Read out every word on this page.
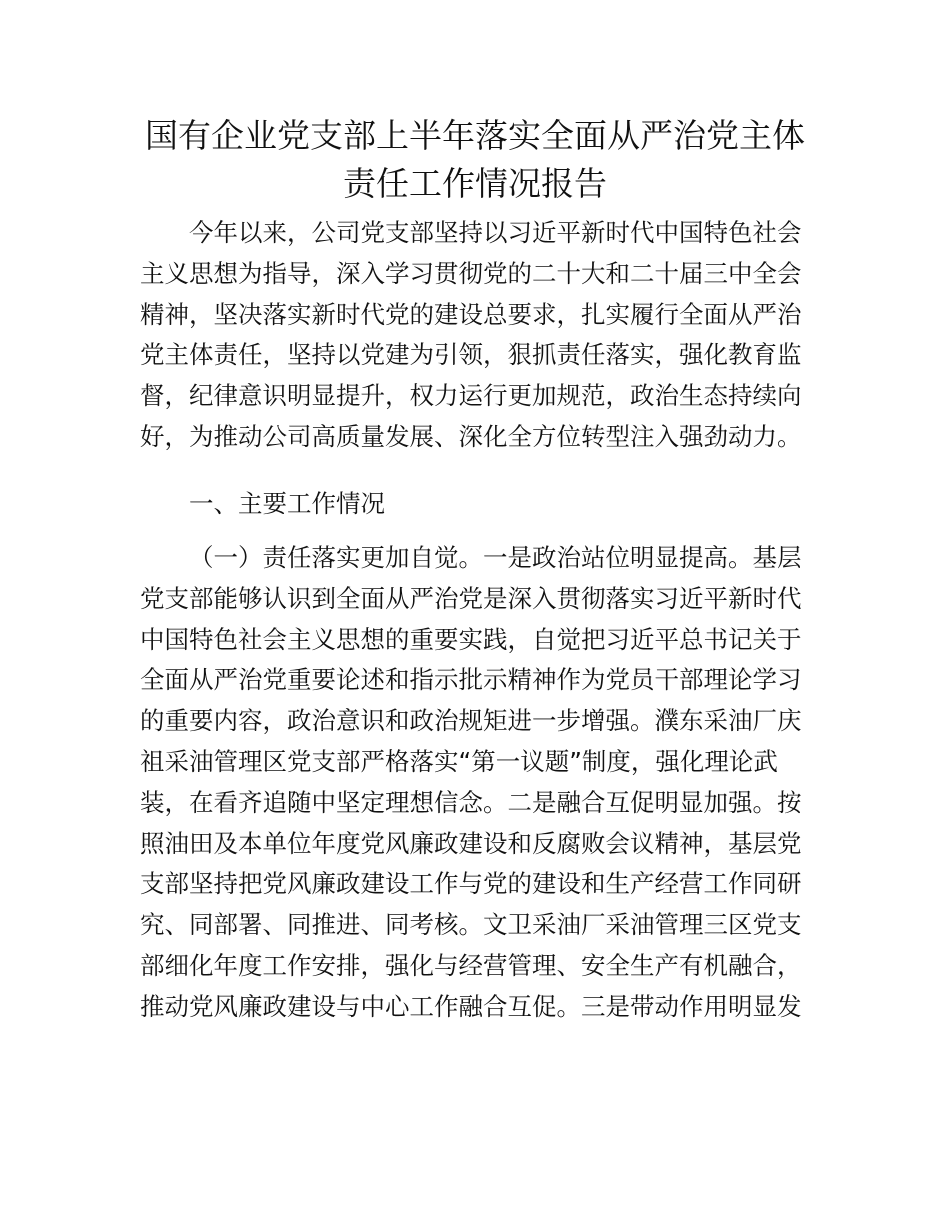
国有企业党支部上半年落实全面从严治党主体
责任工作情况报告

今年以来，公司党支部坚持以习近平新时代中国特色社会
主义思想为指导，深入学习贯彻党的二十大和二十届三中全会
精神，坚决落实新时代党的建设总要求，扎实履行全面从严治
党主体责任，坚持以党建为引领，狠抓责任落实，强化教育监
督，纪律意识明显提升，权力运行更加规范，政治生态持续向
好，为推动公司高质量发展、深化全方位转型注入强劲动力。

一、主要工作情况

（一）责任落实更加自觉。一是政治站位明显提高。基层
党支部能够认识到全面从严治党是深入贯彻落实习近平新时代
中国特色社会主义思想的重要实践，自觉把习近平总书记关于
全面从严治党重要论述和指示批示精神作为党员干部理论学习
的重要内容，政治意识和政治规矩进一步增强。濮东采油厂庆
祖采油管理区党支部严格落实“第一议题”制度，强化理论武
装，在看齐追随中坚定理想信念。二是融合互促明显加强。按
照油田及本单位年度党风廉政建设和反腐败会议精神，基层党
支部坚持把党风廉政建设工作与党的建设和生产经营工作同研
究、同部署、同推进、同考核。文卫采油厂采油管理三区党支
部细化年度工作安排，强化与经营管理、安全生产有机融合，
推动党风廉政建设与中心工作融合互促。三是带动作用明显发
